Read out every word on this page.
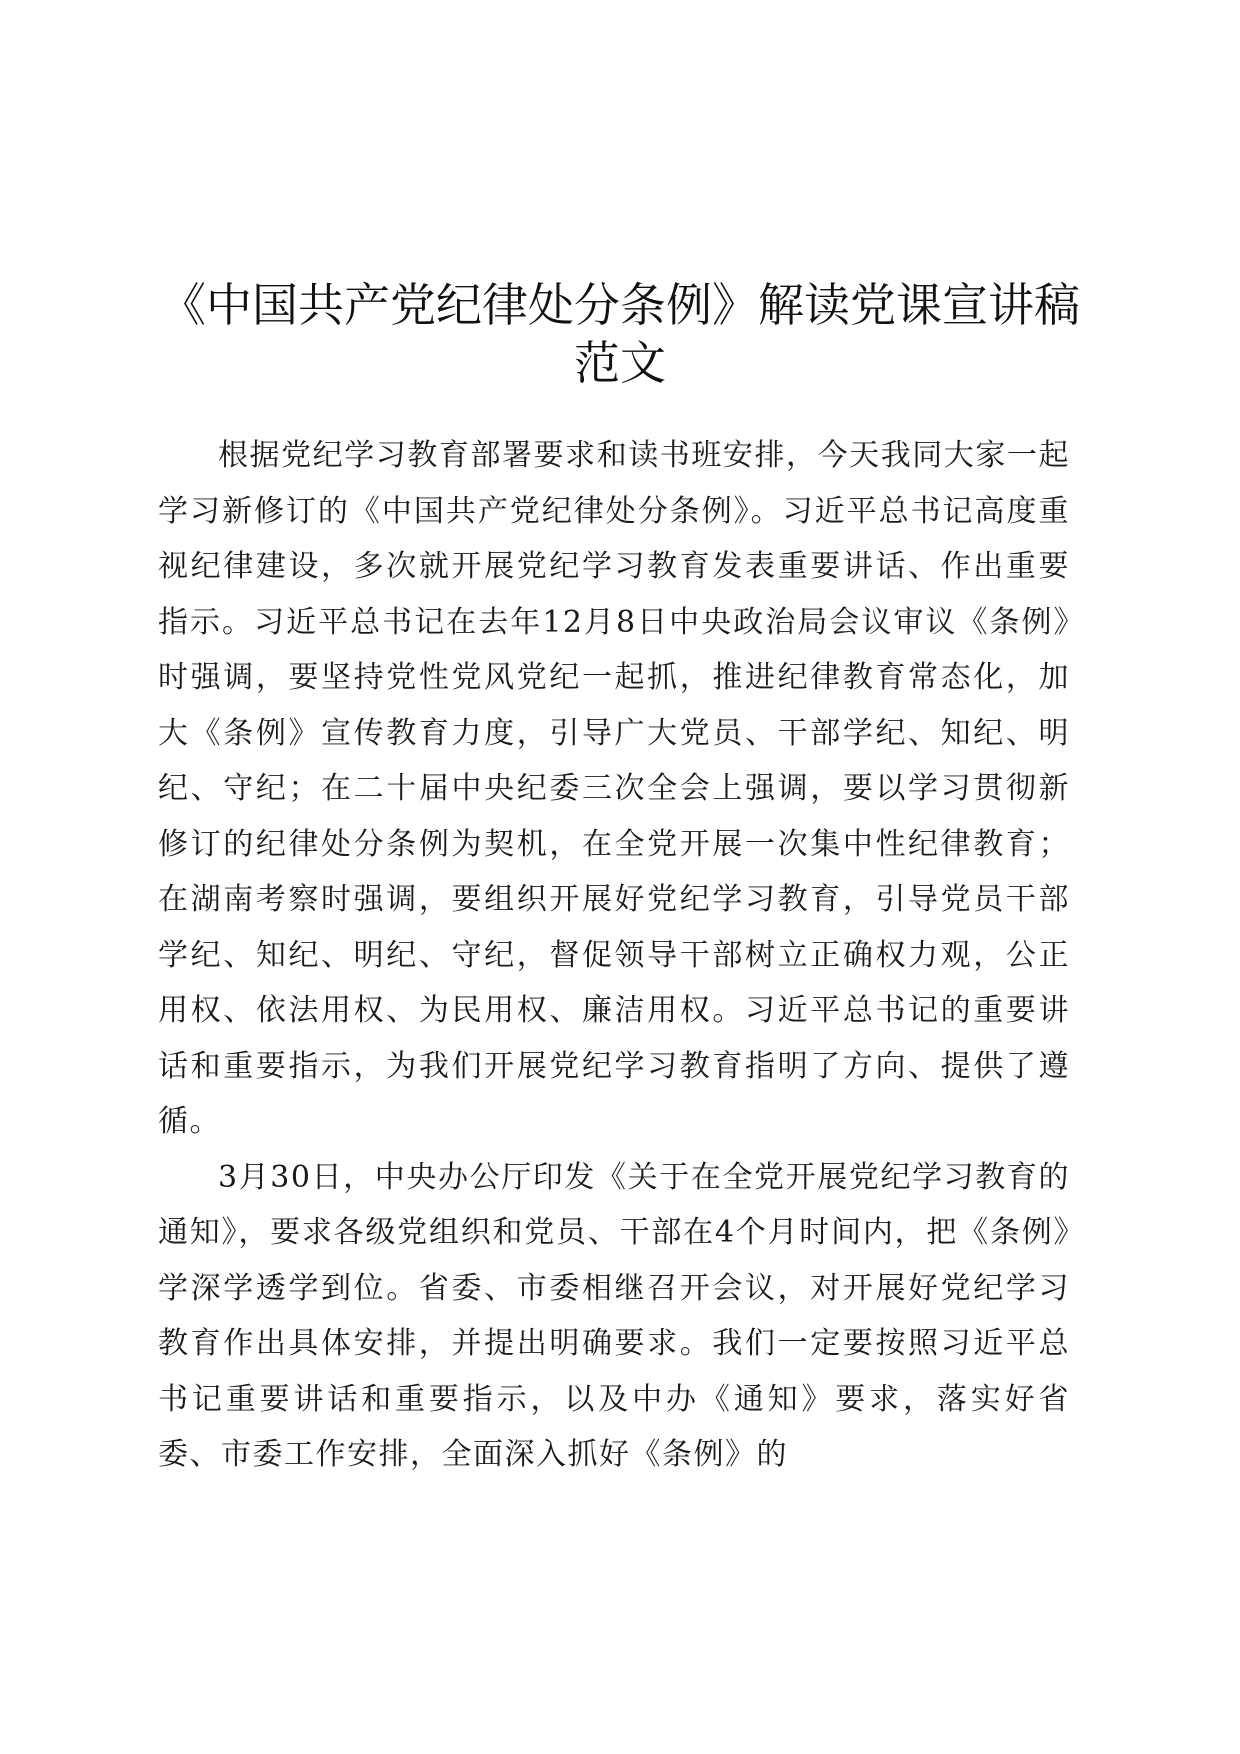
《中国共产党纪律处分条例》解读党课宣讲稿
范文

根据党纪学习教育部署要求和读书班安排，今天我同大家一起学习新修订的《中国共产党纪律处分条例》。习近平总书记高度重视纪律建设，多次就开展党纪学习教育发表重要讲话、作出重要指示。习近平总书记在去年12月8日中央政治局会议审议《条例》时强调，要坚持党性党风党纪一起抓，推进纪律教育常态化，加大《条例》宣传教育力度，引导广大党员、干部学纪、知纪、明纪、守纪；在二十届中央纪委三次全会上强调，要以学习贯彻新修订的纪律处分条例为契机，在全党开展一次集中性纪律教育；在湖南考察时强调，要组织开展好党纪学习教育，引导党员干部学纪、知纪、明纪、守纪，督促领导干部树立正确权力观，公正用权、依法用权、为民用权、廉洁用权。习近平总书记的重要讲话和重要指示，为我们开展党纪学习教育指明了方向、提供了遵循。

3月30日，中央办公厅印发《关于在全党开展党纪学习教育的通知》，要求各级党组织和党员、干部在4个月时间内，把《条例》学深学透学到位。省委、市委相继召开会议，对开展好党纪学习教育作出具体安排，并提出明确要求。我们一定要按照习近平总书记重要讲话和重要指示，以及中办《通知》要求，落实好省委、市委工作安排，全面深入抓好《条例》的
